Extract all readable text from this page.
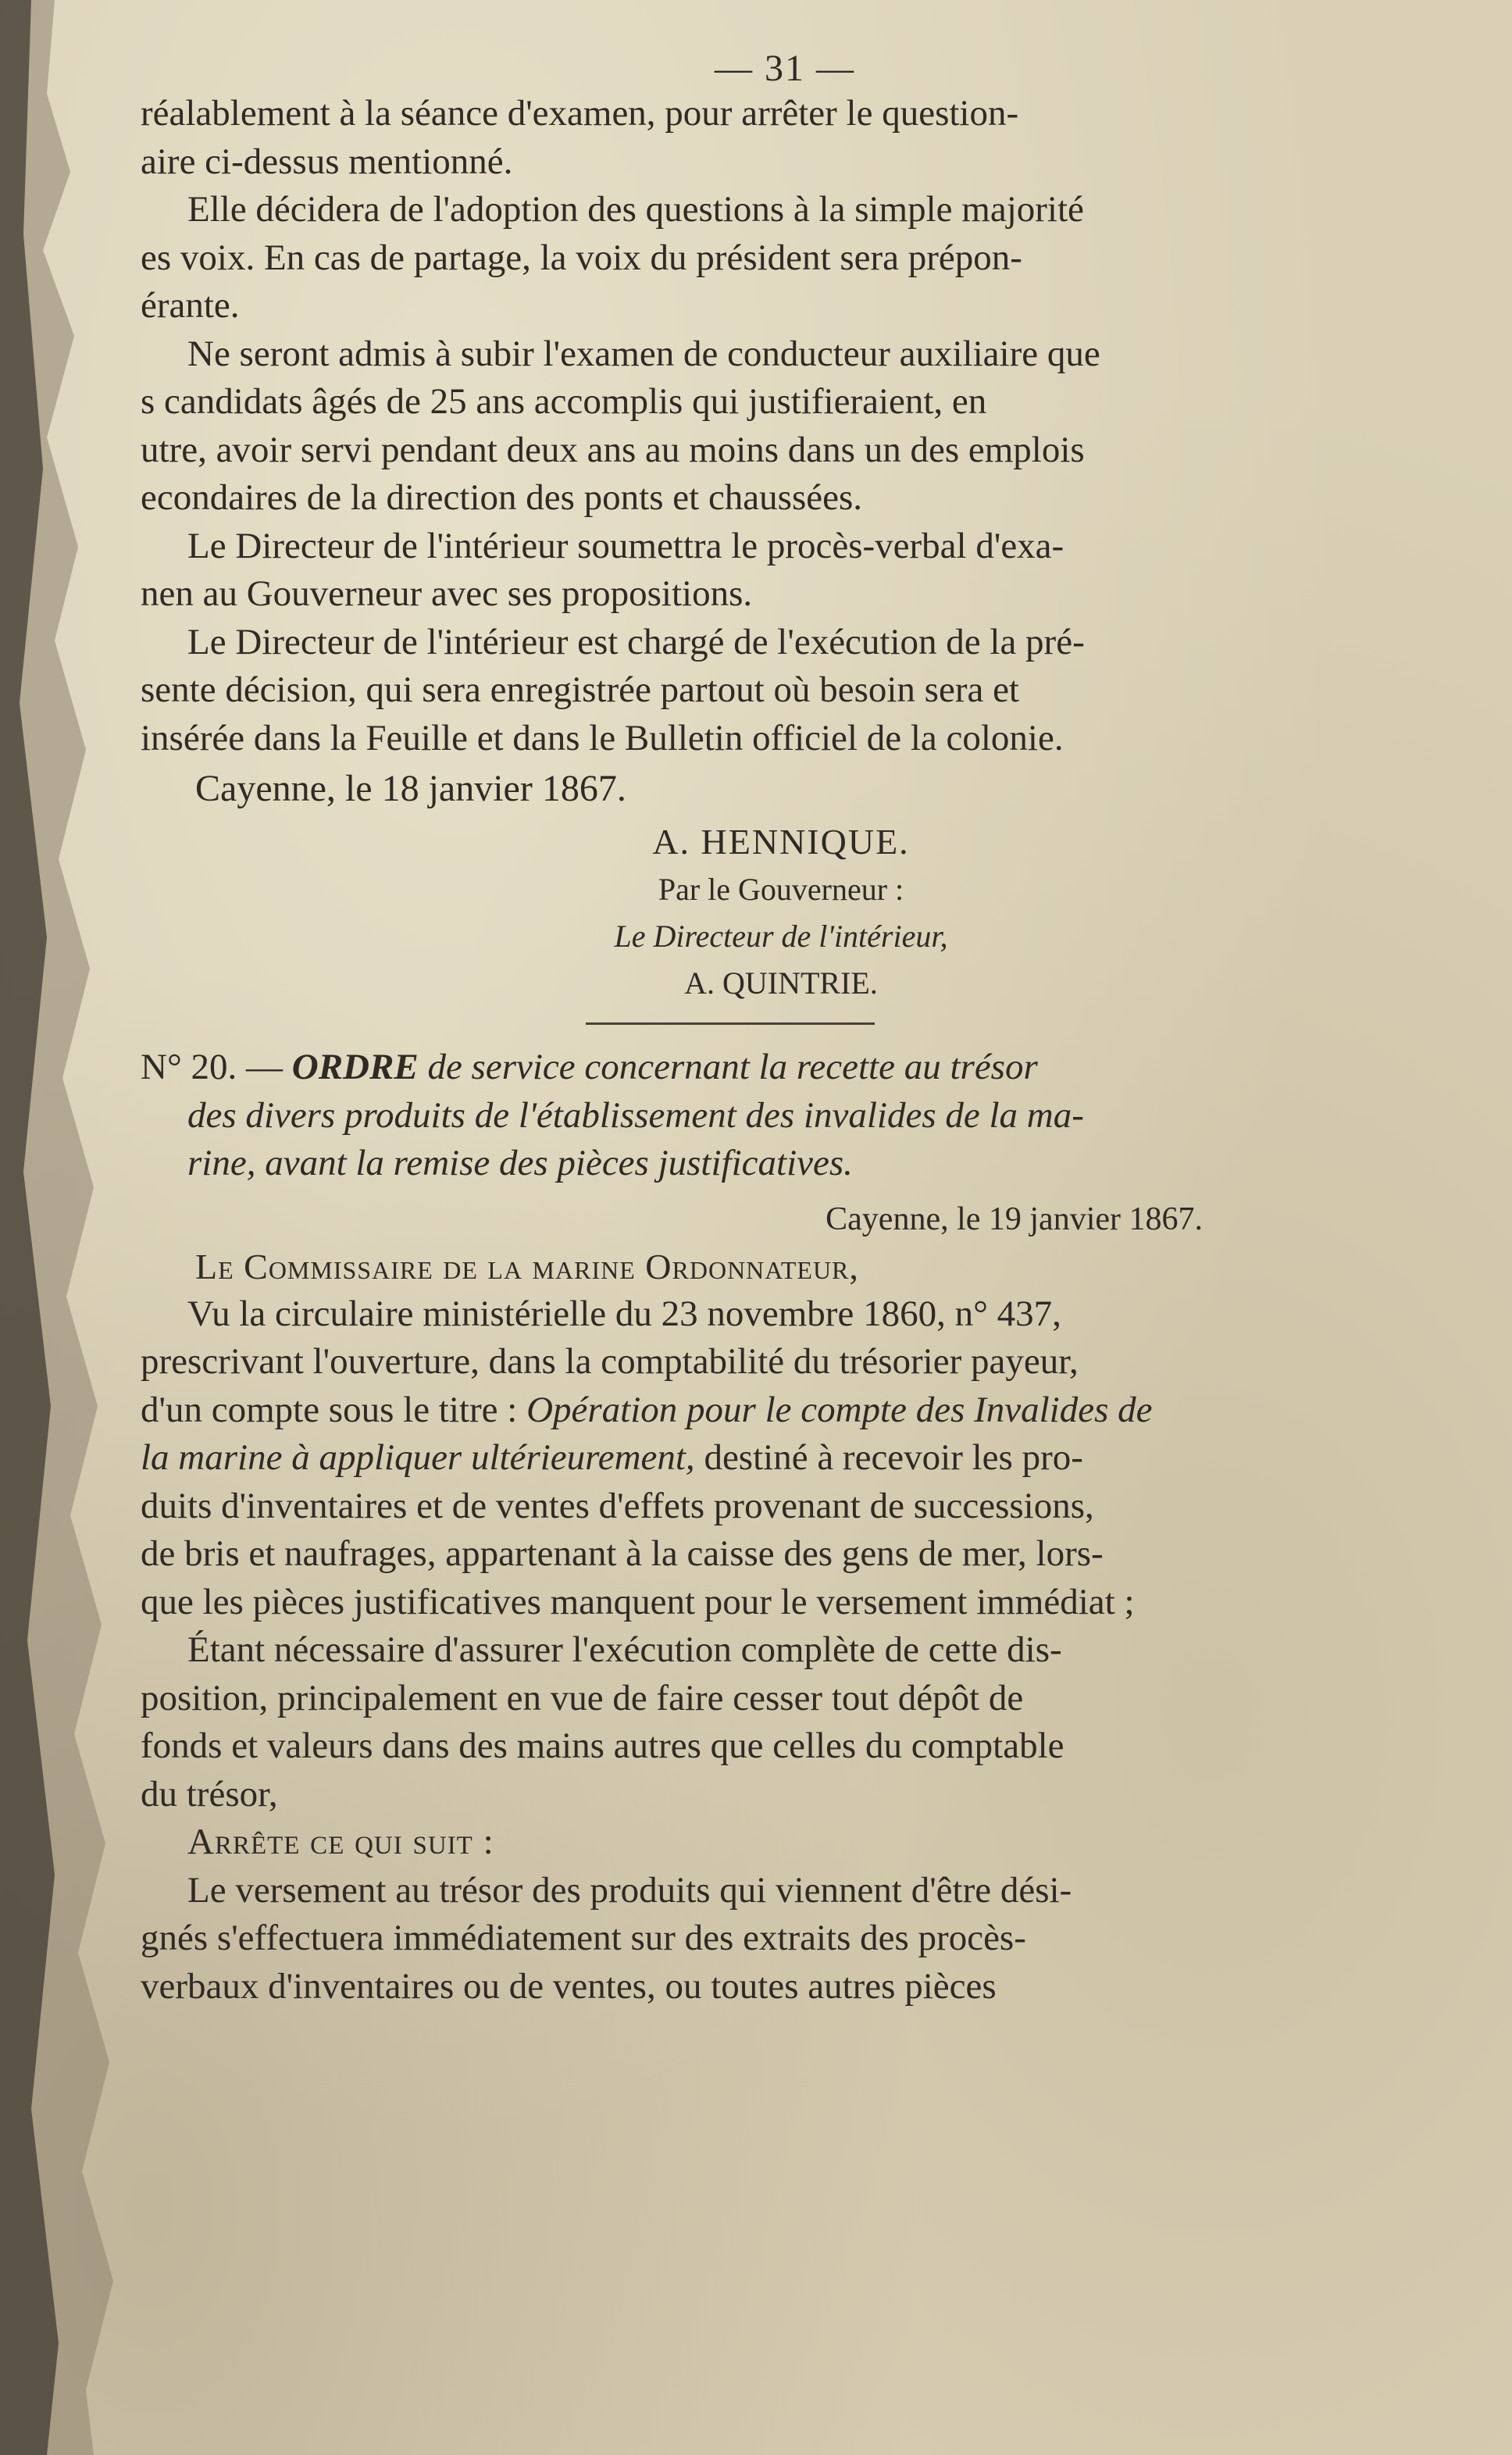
— 31 —

réalablement à la séance d'examen, pour arrêter le question-

aire ci-dessus mentionné.

Elle décidera de l'adoption des questions à la simple majorité

es voix. En cas de partage, la voix du président sera prépon-

érante.

Ne seront admis à subir l'examen de conducteur auxiliaire que

s candidats âgés de 25 ans accomplis qui justifieraient, en

utre, avoir servi pendant deux ans au moins dans un des emplois

econdaires de la direction des ponts et chaussées.

Le Directeur de l'intérieur soumettra le procès-verbal d'exa-

nen au Gouverneur avec ses propositions.

Le Directeur de l'intérieur est chargé de l'exécution de la pré-

sente décision, qui sera enregistrée partout où besoin sera et

insérée dans la Feuille et dans le Bulletin officiel de la colonie.

Cayenne, le 18 janvier 1867.
A. HENNIQUE.
Par le Gouverneur :
Le Directeur de l'intérieur,
A. QUINTRIE.

N° 20. — ORDRE de service concernant la recette au trésor

des divers produits de l'établissement des invalides de la ma-

rine, avant la remise des pièces justificatives.

Cayenne, le 19 janvier 1867.
Le Commissaire de la marine Ordonnateur,

Vu la circulaire ministérielle du 23 novembre 1860, n° 437,

prescrivant l'ouverture, dans la comptabilité du trésorier payeur,

d'un compte sous le titre : Opération pour le compte des Invalides de

la marine à appliquer ultérieurement, destiné à recevoir les pro-

duits d'inventaires et de ventes d'effets provenant de successions,

de bris et naufrages, appartenant à la caisse des gens de mer, lors-

que les pièces justificatives manquent pour le versement immédiat ;

Étant nécessaire d'assurer l'exécution complète de cette dis-

position, principalement en vue de faire cesser tout dépôt de

fonds et valeurs dans des mains autres que celles du comptable

du trésor,

Arrête ce qui suit :

Le versement au trésor des produits qui viennent d'être dési-

gnés s'effectuera immédiatement sur des extraits des procès-

verbaux d'inventaires ou de ventes, ou toutes autres pièces
